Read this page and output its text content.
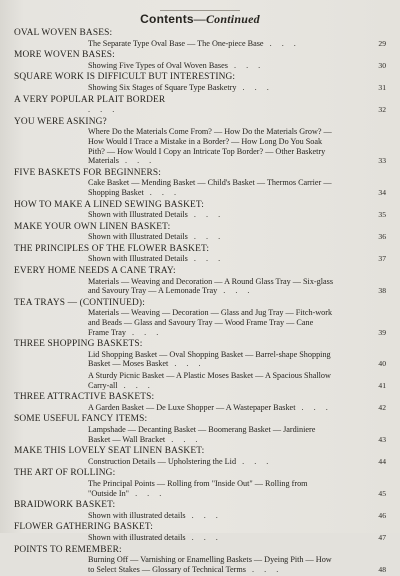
Contents—Continued
OVAL WOVEN BASES:
The Separate Type Oval Base — The One-piece Base . . .	29
MORE WOVEN BASES:
Showing Five Types of Oval Woven Bases . . .	30
SQUARE WORK IS DIFFICULT BUT INTERESTING:
Showing Six Stages of Square Type Basketry . . .	31
A VERY POPULAR PLAIT BORDER
. . .	32
YOU WERE ASKING?
Where Do the Materials Come From? — How Do the Materials Grow? — How Would I Trace a Mistake in a Border? — How Long Do You Soak Pith? — How Would I Copy an Intricate Top Border? — Other Basketry Materials . . .	33
FIVE BASKETS FOR BEGINNERS:
Cake Basket — Mending Basket — Child's Basket — Thermos Carrier — Shopping Basket . . .	34
HOW TO MAKE A LINED SEWING BASKET:
Shown with Illustrated Details . . .	35
MAKE YOUR OWN LINEN BASKET:
Shown with Illustrated Details . . .	36
THE PRINCIPLES OF THE FLOWER BASKET:
Shown with Illustrated Details . . .	37
EVERY HOME NEEDS A CANE TRAY:
Materials — Weaving and Decoration — A Round Glass Tray — Six-glass and Savoury Tray — A Lemonade Tray . . .	38
TEA TRAYS — (CONTINUED):
Materials — Weaving — Decoration — Glass and Jug Tray — Fitch-work and Beads — Glass and Savoury Tray — Wood Frame Tray — Cane Frame Tray . . .	39
THREE SHOPPING BASKETS:
Lid Shopping Basket — Oval Shopping Basket — Barrel-shape Shopping Basket — Moses Basket . . .	40
A Sturdy Picnic Basket — A Plastic Moses Basket — A Spacious Shallow Carry-all . . .	41
THREE ATTRACTIVE BASKETS:
A Garden Basket — De Luxe Shopper — A Wastepaper Basket . . .	42
SOME USEFUL FANCY ITEMS:
Lampshade — Decanting Basket — Boomerang Basket — Jardiniere Basket — Wall Bracket . . .	43
MAKE THIS LOVELY SEAT LINEN BASKET:
Construction Details — Upholstering the Lid . . .	44
THE ART OF ROLLING:
The Principal Points — Rolling from "Inside Out" — Rolling from "Outside In" . . .	45
BRAIDWORK BASKET:
Shown with illustrated details . . .	46
FLOWER GATHERING BASKET:
Shown with illustrated details . . .	47
POINTS TO REMEMBER:
Burning Off — Varnishing or Enamelling Baskets — Dyeing Pith — How to Select Stakes — Glossary of Technical Terms . . .	48
